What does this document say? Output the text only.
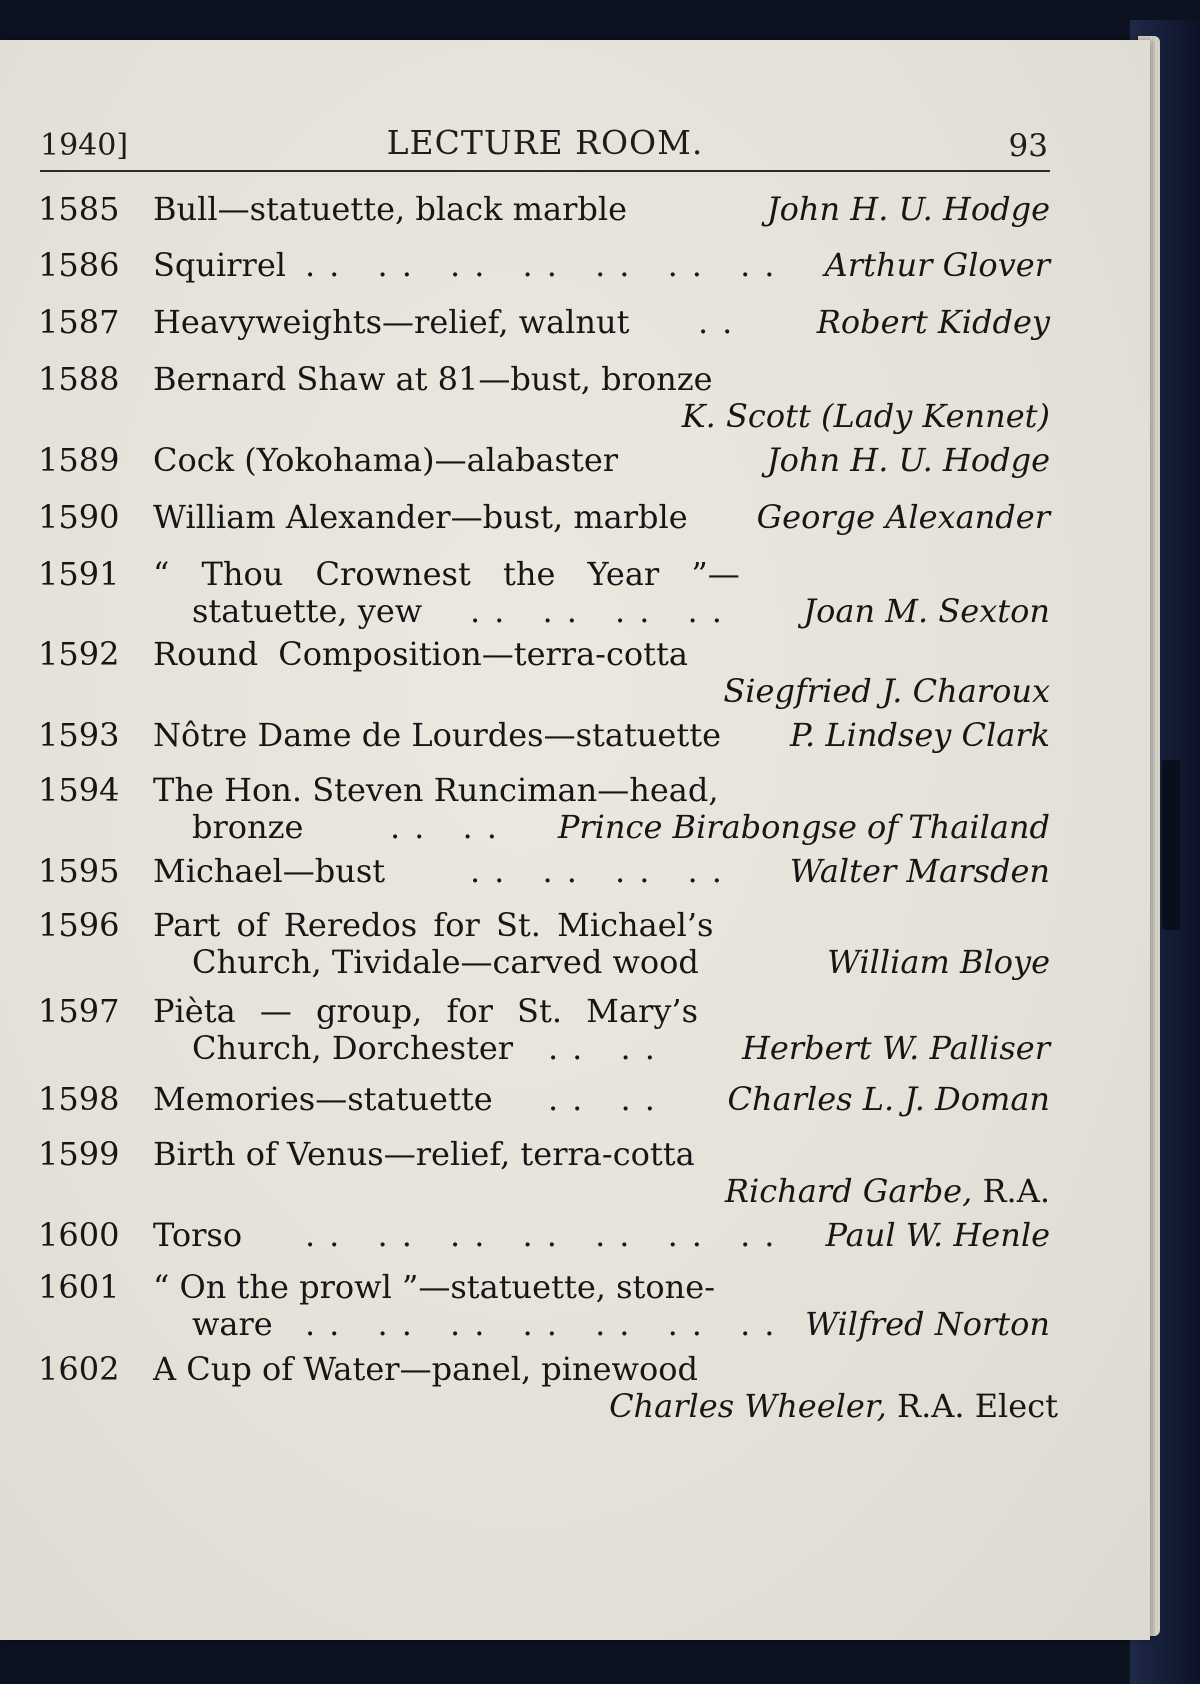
1940]	LECTURE ROOM.	93
1585 Bull—statuette, black marble	John H. U. Hodge
1586 Squirrel .. .. .. .. .. .. .. Arthur Glover
1587 Heavyweights—relief, walnut .. Robert Kiddey
1588 Bernard Shaw at 81—bust, bronze
K. Scott (Lady Kennet)
1589 Cock (Yokohama)—alabaster	John H. U. Hodge
1590 William Alexander—bust, marble George Alexander
1591 “ Thou Crownest the Year ”—
statuette, yew .. .. .. .. Joan M. Sexton
1592 Round Composition—terra-cotta
Siegfried J. Charoux
1593 Nôtre Dame de Lourdes—statuette P. Lindsey Clark
1594 The Hon. Steven Runciman—head,
bronze	.. .. Prince Birabongse of Thailand
1595 Michael—bust	.. .. .. .. Walter Marsden
1596 Part of Reredos for St. Michael’s
Church, Tividale—carved wood	William Bloye
1597 Pièta — group, for St. Mary’s
Church, Dorchester .. .. Herbert W. Palliser
1598 Memories—statuette .. .. Charles L. J. Doman
1599 Birth of Venus—relief, terra-cotta
Richard Garbe, R.A.
1600 Torso .. .. .. .. .. .. .. Paul W. Henle
1601 “ On the prowl ”—statuette, stone-
ware .. .. .. .. .. .. .. Wilfred Norton
1602 A Cup of Water—panel, pinewood
Charles Wheeler, R.A. Elect
